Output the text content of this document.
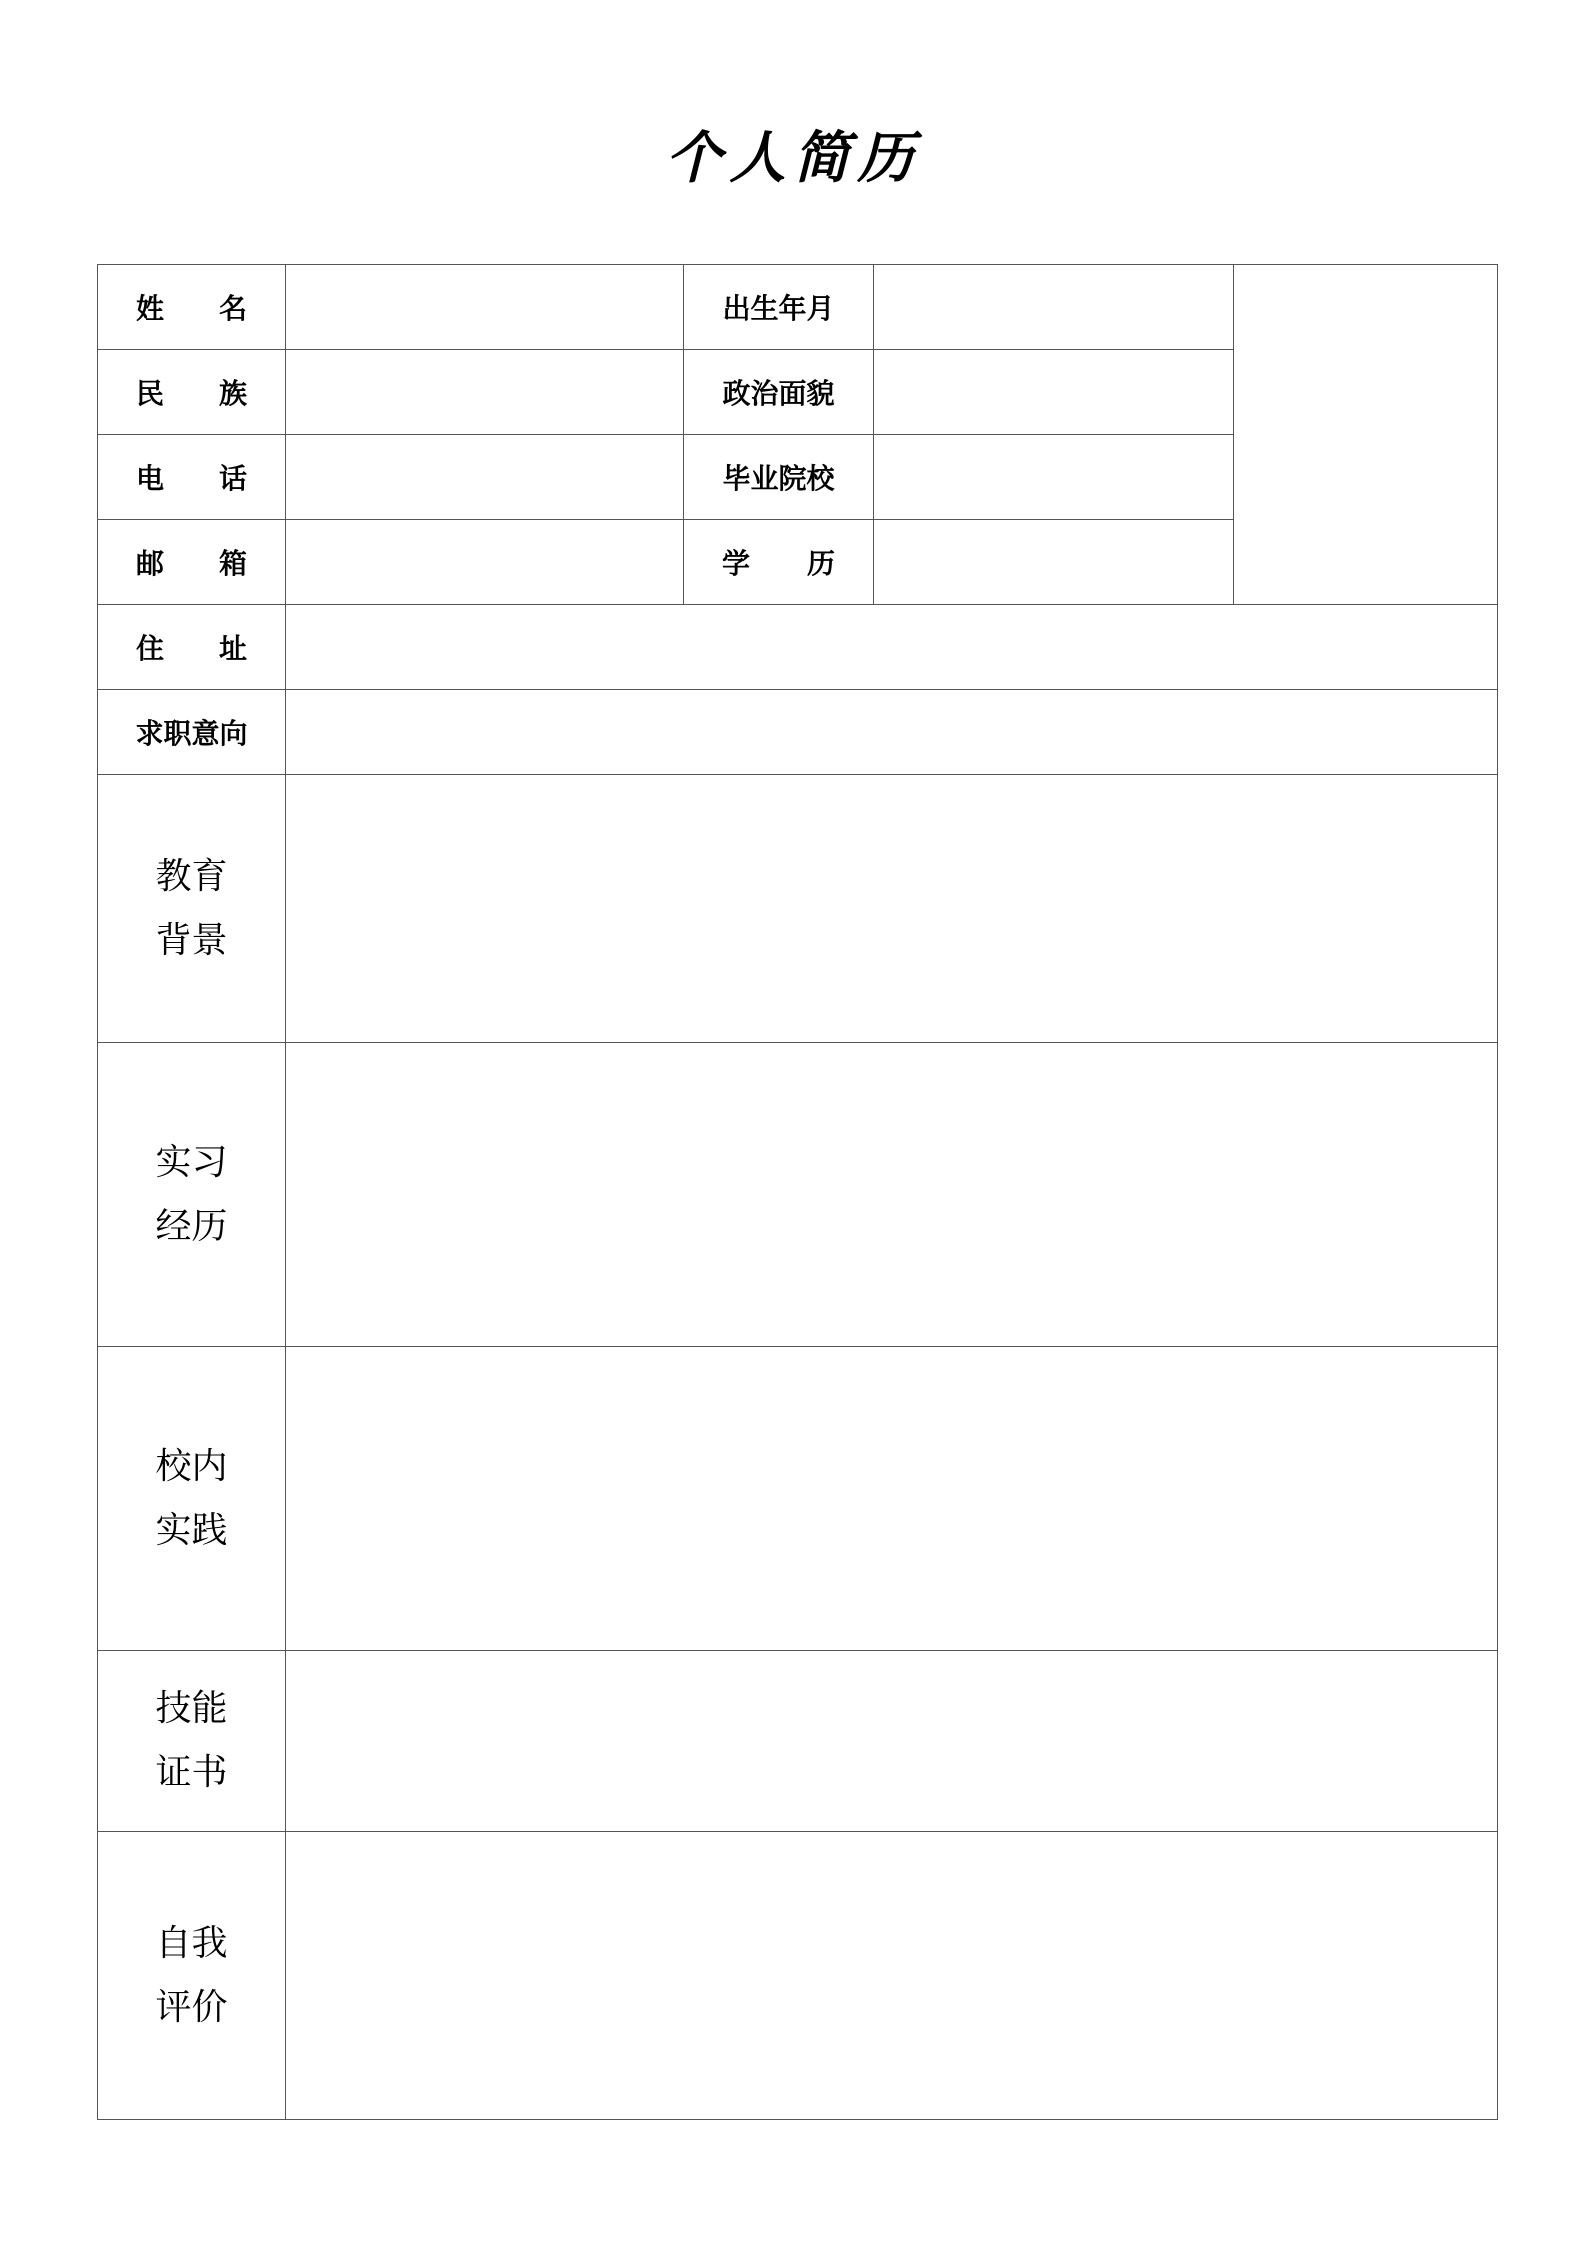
个人简历
姓 名		出生年月		

民 族		政治面貌		

电 话		毕业院校		

邮 箱		学 历		

住 址				

求职意向				

教育
背景				

实习
经历				

校内
实践				

技能
证书				

自我
评价				
